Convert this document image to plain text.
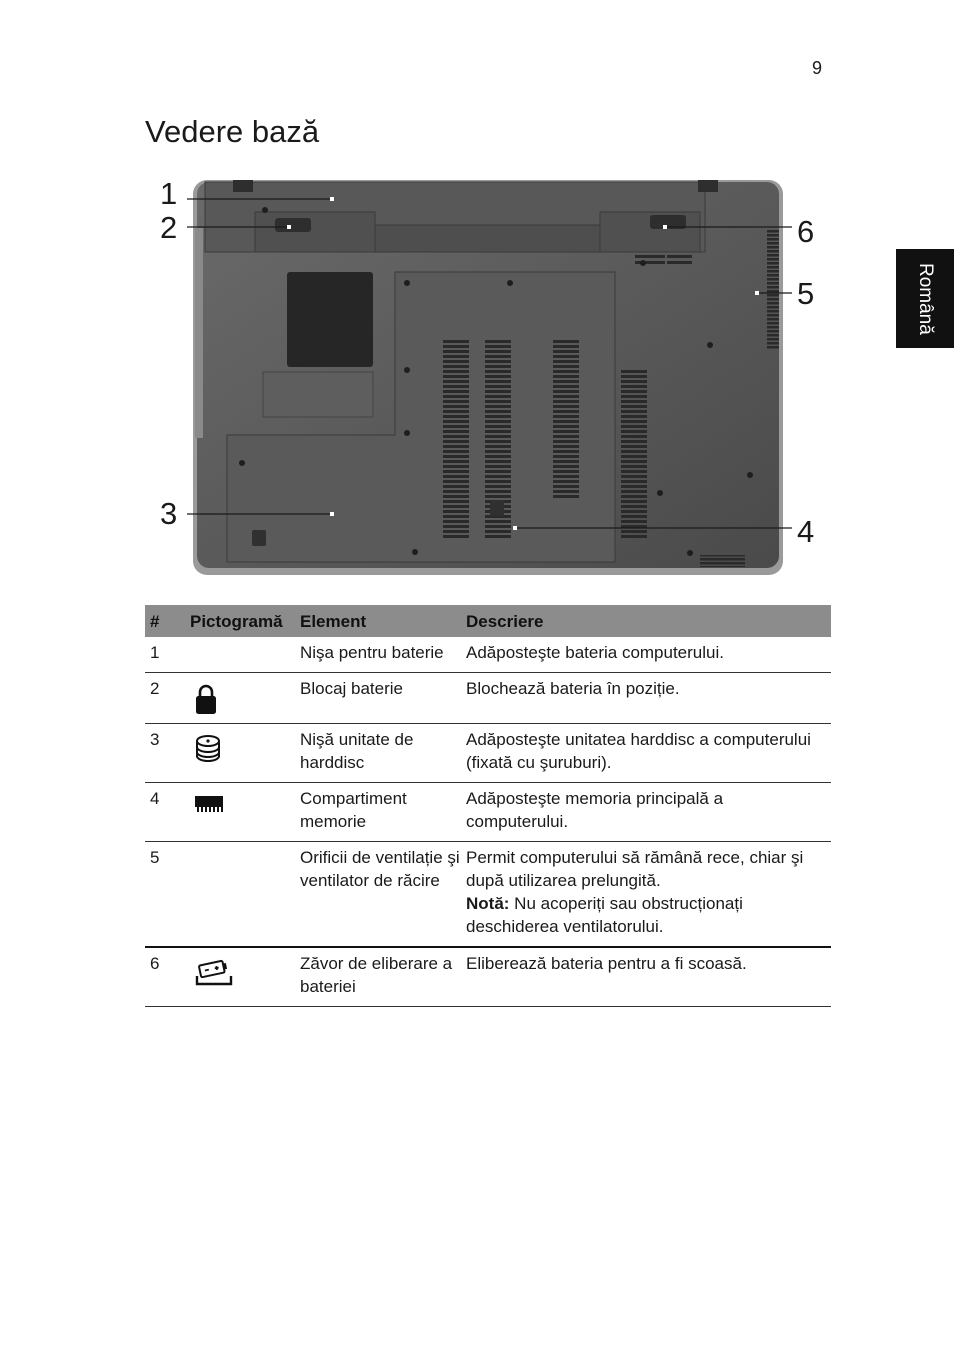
9
Vedere bază
Română
1
2
3
4
5
6
#	Pictogramă	Element	Descriere
1		Nişa pentru baterie	Adăposteşte bateria computerului.
2		Blocaj baterie	Blochează bateria în poziție.
3		Nişă unitate de harddisc	Adăposteşte unitatea harddisc a computerului (fixată cu şuruburi).
4		Compartiment memorie	Adăposteşte memoria principală a computerului.
5		Orificii de ventilație şi ventilator de răcire	Permit computerului să rămână rece, chiar şi după utilizarea prelungită.
Notă: Nu acoperiți sau obstrucționați deschiderea ventilatorului.
6		Zăvor de eliberare a bateriei	Eliberează bateria pentru a fi scoasă.
